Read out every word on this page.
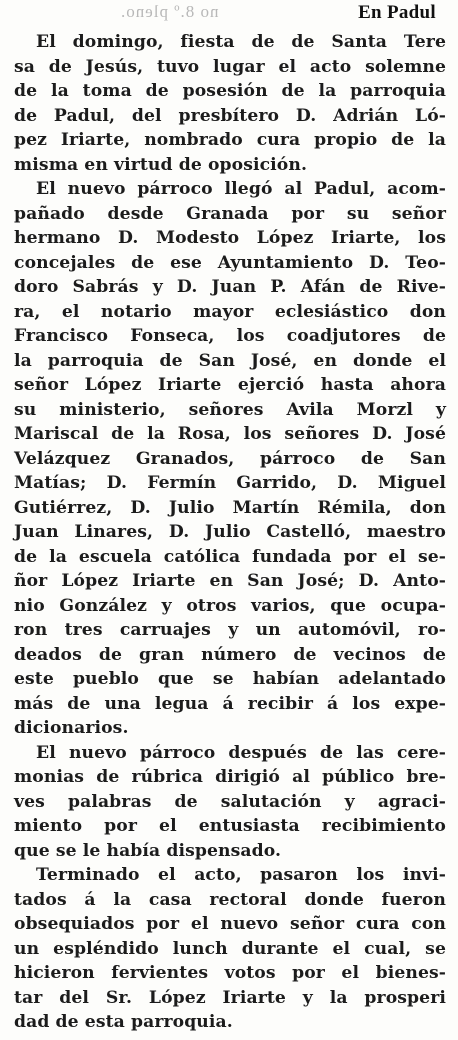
no 8.º pleno.	En Padul
El domingo, fiesta de de Santa Tere
sa de Jesús, tuvo lugar el acto solemne
de la toma de posesión de la parroquia
de Padul, del presbítero D. Adrián Ló-
pez Iriarte, nombrado cura propio de la
misma en virtud de oposición.
El nuevo párroco llegó al Padul, acom-
pañado desde Granada por su señor
hermano D. Modesto López Iriarte, los
concejales de ese Ayuntamiento D. Teo-
doro Sabrás y D. Juan P. Afán de Rive-
ra, el notario mayor eclesiástico don
Francisco Fonseca, los coadjutores de
la parroquia de San José, en donde el
señor López Iriarte ejerció hasta ahora
su ministerio, señores Avila Morzl y
Mariscal de la Rosa, los señores D. José
Velázquez Granados, párroco de San
Matías; D. Fermín Garrido, D. Miguel
Gutiérrez, D. Julio Martín Rémila, don
Juan Linares, D. Julio Castelló, maestro
de la escuela católica fundada por el se-
ñor López Iriarte en San José; D. Anto-
nio González y otros varios, que ocupa-
ron tres carruajes y un automóvil, ro-
deados de gran número de vecinos de
este pueblo que se habían adelantado
más de una legua á recibir á los expe-
dicionarios.
El nuevo párroco después de las cere-
monias de rúbrica dirigió al público bre-
ves palabras de salutación y agraci-
miento por el entusiasta recibimiento
que se le había dispensado.
Terminado el acto, pasaron los invi-
tados á la casa rectoral donde fueron
obsequiados por el nuevo señor cura con
un espléndido lunch durante el cual, se
hicieron fervientes votos por el bienes-
tar del Sr. López Iriarte y la prosperi
dad de esta parroquia.
